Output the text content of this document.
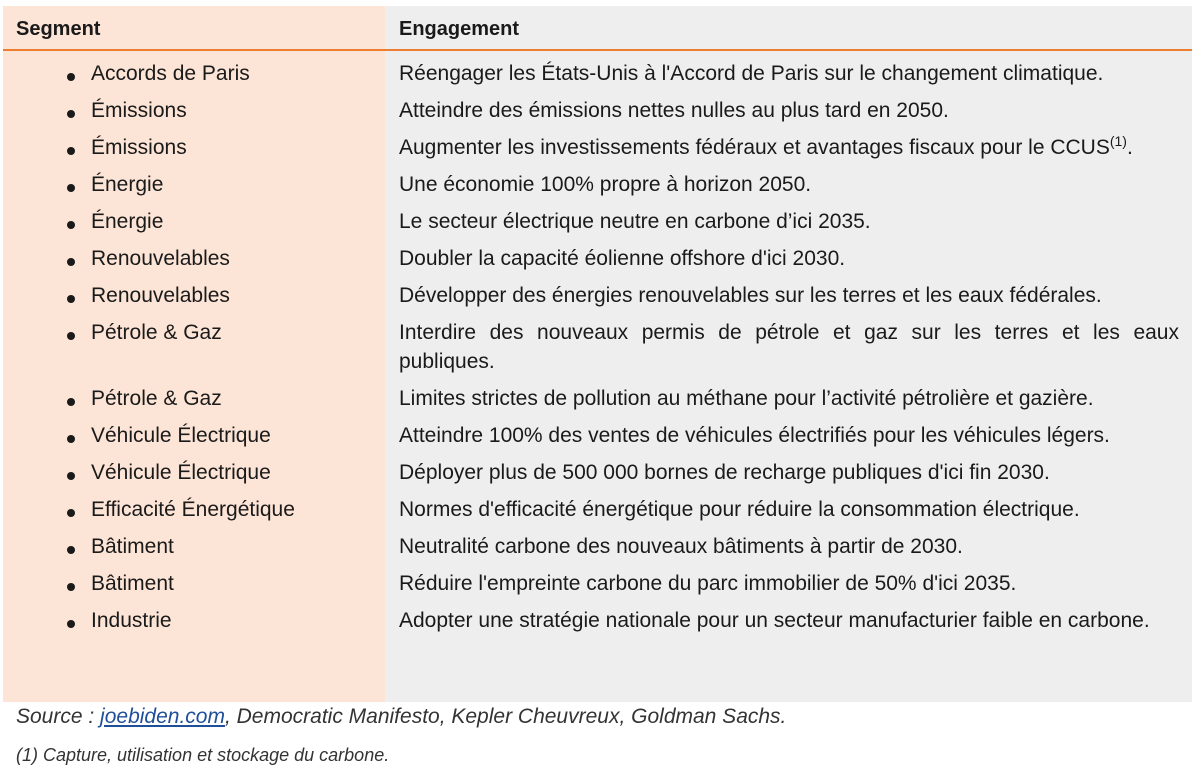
Segment	Engagement
Accords de Paris	Réengager les États-Unis à l'Accord de Paris sur le changement climatique.
Émissions	Atteindre des émissions nettes nulles au plus tard en 2050.
Émissions	Augmenter les investissements fédéraux et avantages fiscaux pour le CCUS$^{(1)}$.
Énergie	Une économie 100% propre à horizon 2050.
Énergie	Le secteur électrique neutre en carbone d’ici 2035.
Renouvelables	Doubler la capacité éolienne offshore d'ici 2030.
Renouvelables	Développer des énergies renouvelables sur les terres et les eaux fédérales.
Pétrole & Gaz	Interdire des nouveaux permis de pétrole et gaz sur les terres et les eaux publiques.
Pétrole & Gaz	Limites strictes de pollution au méthane pour l’activité pétrolière et gazière.
Véhicule Électrique	Atteindre 100% des ventes de véhicules électrifiés pour les véhicules légers.
Véhicule Électrique	Déployer plus de 500 000 bornes de recharge publiques d'ici fin 2030.
Efficacité Énergétique	Normes d'efficacité énergétique pour réduire la consommation électrique.
Bâtiment	Neutralité carbone des nouveaux bâtiments à partir de 2030.
Bâtiment	Réduire l'empreinte carbone du parc immobilier de 50% d'ici 2035.
Industrie	Adopter une stratégie nationale pour un secteur manufacturier faible en carbone.
Source : joebiden.com, Democratic Manifesto, Kepler Cheuvreux, Goldman Sachs.
(1) Capture, utilisation et stockage du carbone.
